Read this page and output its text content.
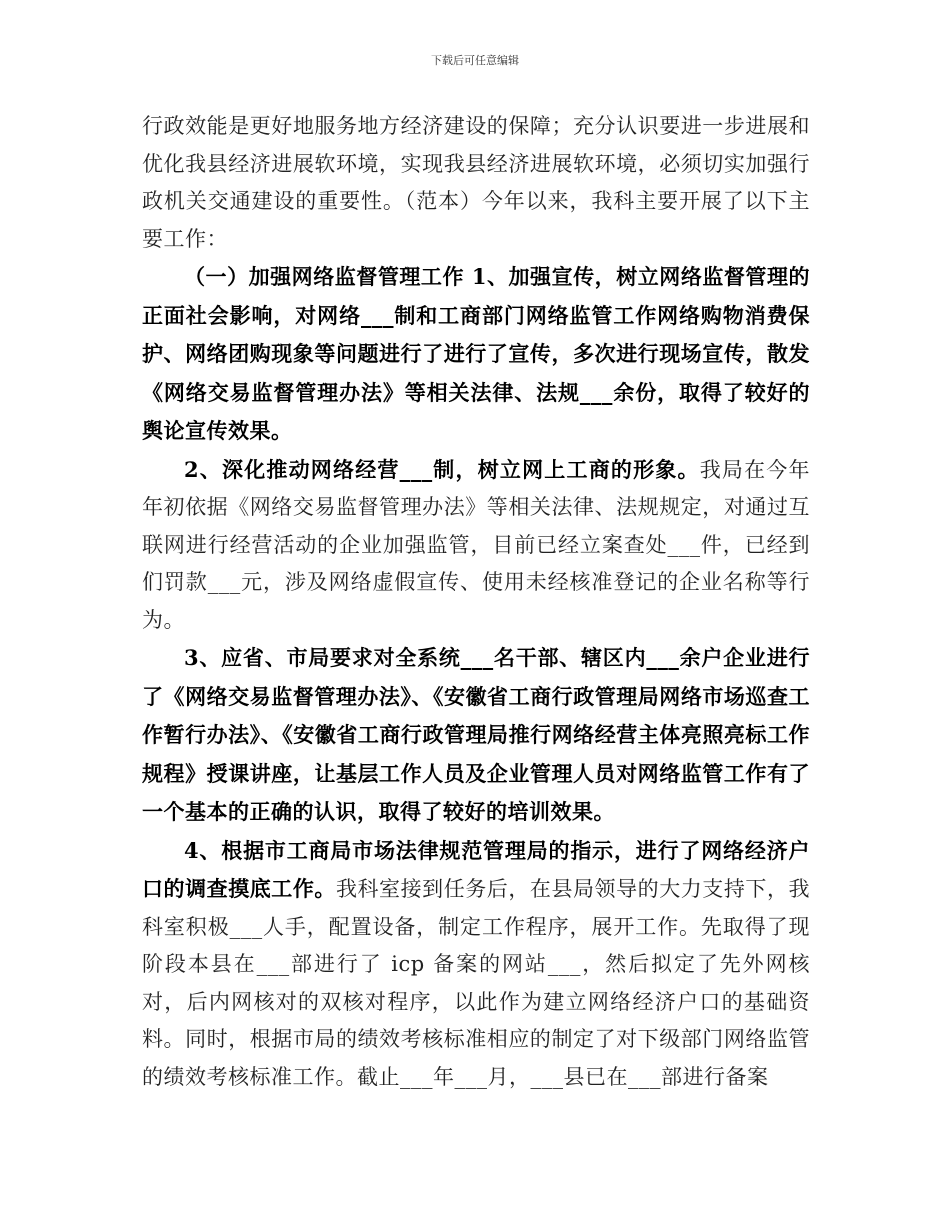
下载后可任意编辑

行政效能是更好地服务地方经济建设的保障；充分认识要进一步进展和优化我县经济进展软环境，实现我县经济进展软环境，必须切实加强行政机关交通建设的重要性。（范本）今年以来，我科主要开展了以下主要工作：

（一）加强网络监督管理工作 1、加强宣传，树立网络监督管理的正面社会影响，对网络___制和工商部门网络监管工作网络购物消费保护、网络团购现象等问题进行了进行了宣传，多次进行现场宣传，散发《网络交易监督管理办法》等相关法律、法规___余份，取得了较好的舆论宣传效果。

2、深化推动网络经营___制，树立网上工商的形象。我局在今年年初依据《网络交易监督管理办法》等相关法律、法规规定，对通过互联网进行经营活动的企业加强监管，目前已经立案查处___件，已经到们罚款___元，涉及网络虚假宣传、使用未经核准登记的企业名称等行为。

3、应省、市局要求对全系统___名干部、辖区内___余户企业进行了《网络交易监督管理办法》、《安徽省工商行政管理局网络市场巡查工作暂行办法》、《安徽省工商行政管理局推行网络经营主体亮照亮标工作规程》授课讲座，让基层工作人员及企业管理人员对网络监管工作有了一个基本的正确的认识，取得了较好的培训效果。

4、根据市工商局市场法律规范管理局的指示，进行了网络经济户口的调查摸底工作。我科室接到任务后，在县局领导的大力支持下，我科室积极___人手，配置设备，制定工作程序，展开工作。先取得了现阶段本县在___部进行了 icp 备案的网站___，然后拟定了先外网核对，后内网核对的双核对程序，以此作为建立网络经济户口的基础资料。同时，根据市局的绩效考核标准相应的制定了对下级部门网络监管的绩效考核标准工作。截止___年___月，___县已在___部进行备案
